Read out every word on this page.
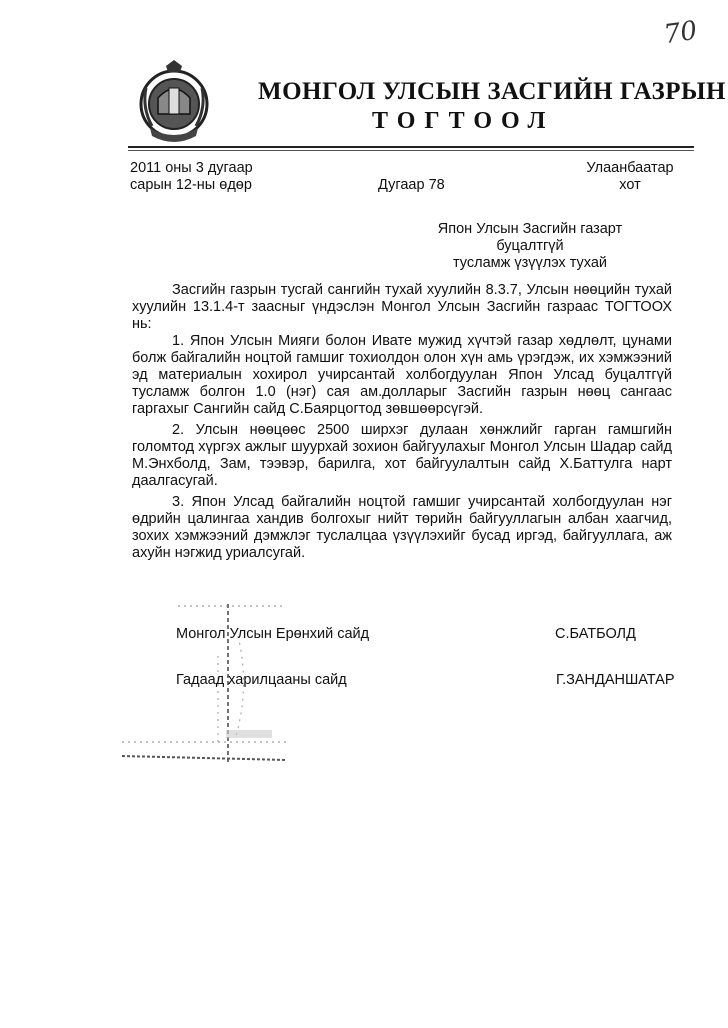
70
МОНГОЛ УЛСЫН ЗАСГИЙН ГАЗРЫН
ТОГТООЛ
2011 оны 3 дугаар
сарын 12-ны өдөр	Дугаар 78
Улаанбаатар
хот
Япон Улсын Засгийн газарт буцалтгүй
тусламж үзүүлэх тухай
Засгийн газрын тусгай сангийн тухай хуулийн 8.3.7, Улсын нөөцийн тухай хуулийн 13.1.4-т заасныг үндэслэн Монгол Улсын Засгийн газраас ТОГТООХ нь:
1. Япон Улсын Мияги болон Ивате мужид хүчтэй газар хөдлөлт, цунами болж байгалийн ноцтой гамшиг тохиолдон олон хүн амь үрэгдэж, их хэмжээний эд материалын хохирол учирсантай холбогдуулан Япон Улсад буцалтгүй тусламж болгон 1.0 (нэг) сая ам.долларыг Засгийн газрын нөөц сангаас гаргахыг Сангийн сайд С.Баярцогтод зөвшөөрсүгэй.
2. Улсын нөөцөөс 2500 ширхэг дулаан хөнжлийг гарган гамшгийн голомтод хүргэх ажлыг шуурхай зохион байгуулахыг Монгол Улсын Шадар сайд М.Энхболд, Зам, тээвэр, барилга, хот байгуулалтын сайд Х.Баттулга нарт даалгасугай.
3. Япон Улсад байгалийн ноцтой гамшиг учирсантай холбогдуулан нэг өдрийн цалингаа хандив болгохыг нийт төрийн байгууллагын албан хаагчид, зохих хэмжээний дэмжлэг туслалцаа үзүүлэхийг бусад иргэд, байгууллага, аж ахуйн нэгжид уриалсугай.
Монгол Улсын Ерөнхий сайд	С.БАТБОЛД
Гадаад харилцааны сайд	Г.ЗАНДАНШАТАР
